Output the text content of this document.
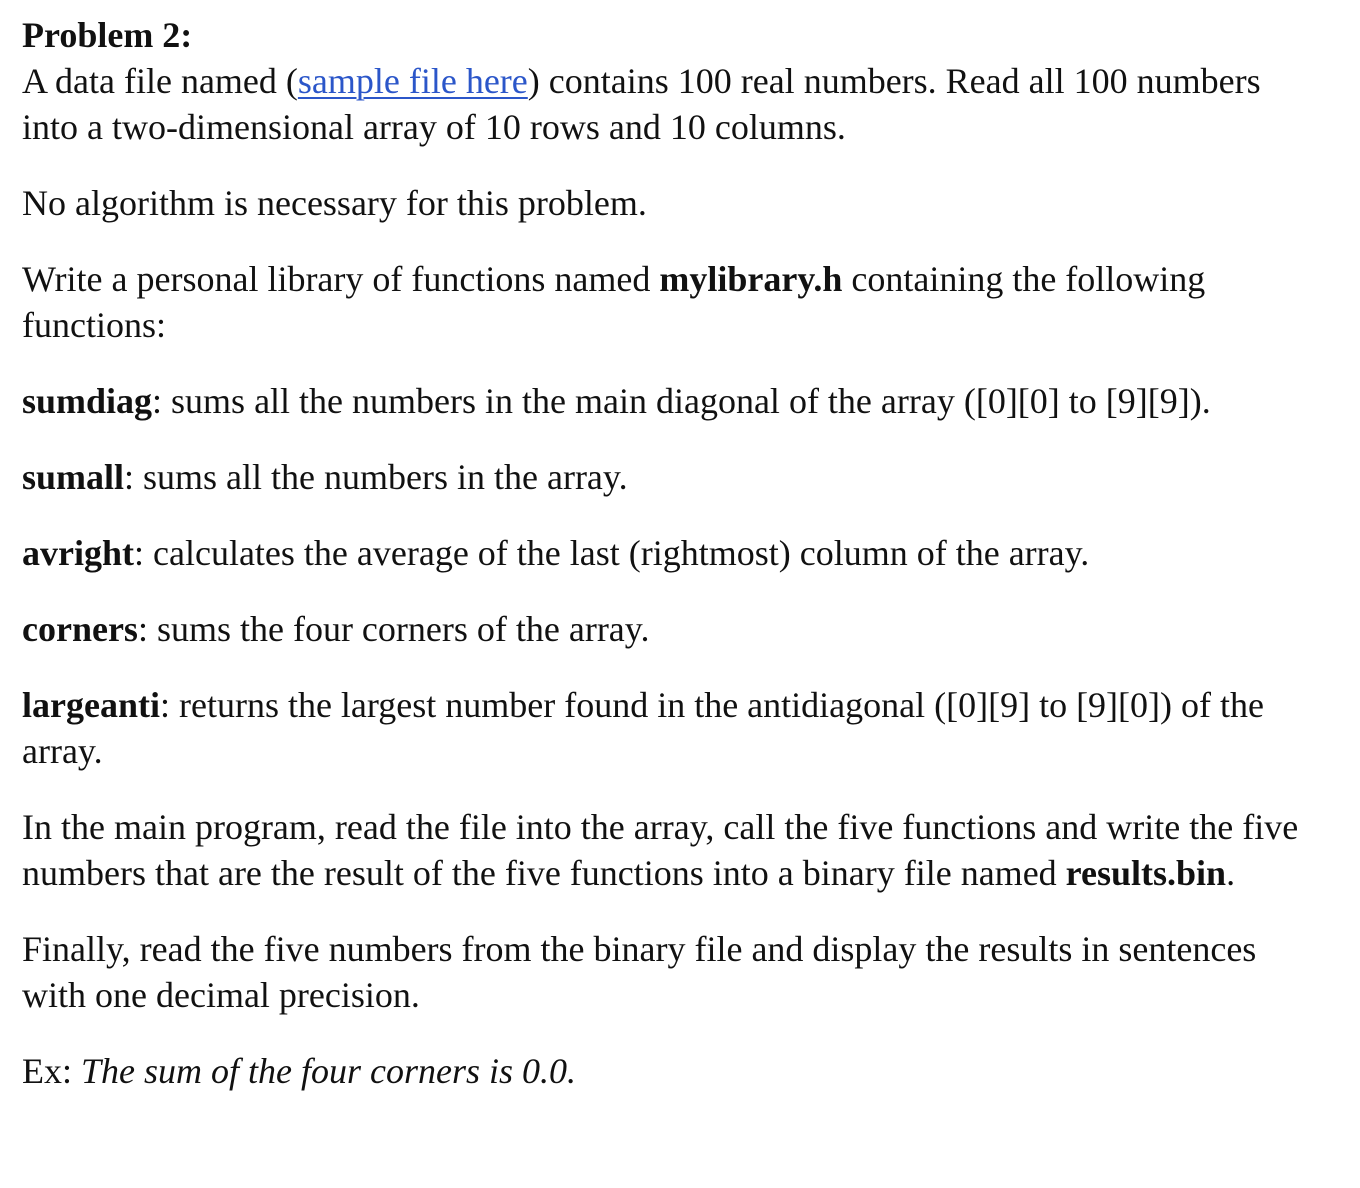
Problem 2:

A data file named (sample file here) contains 100 real numbers. Read all 100 numbers into a two-dimensional array of 10 rows and 10 columns.

No algorithm is necessary for this problem.

Write a personal library of functions named mylibrary.h containing the following functions:

sumdiag: sums all the numbers in the main diagonal of the array ([0][0] to [9][9]).

sumall: sums all the numbers in the array.

avright: calculates the average of the last (rightmost) column of the array.

corners: sums the four corners of the array.

largeanti: returns the largest number found in the antidiagonal ([0][9] to [9][0]) of the array.

In the main program, read the file into the array, call the five functions and write the five numbers that are the result of the five functions into a binary file named results.bin.

Finally, read the five numbers from the binary file and display the results in sentences with one decimal precision.

Ex: The sum of the four corners is 0.0.
